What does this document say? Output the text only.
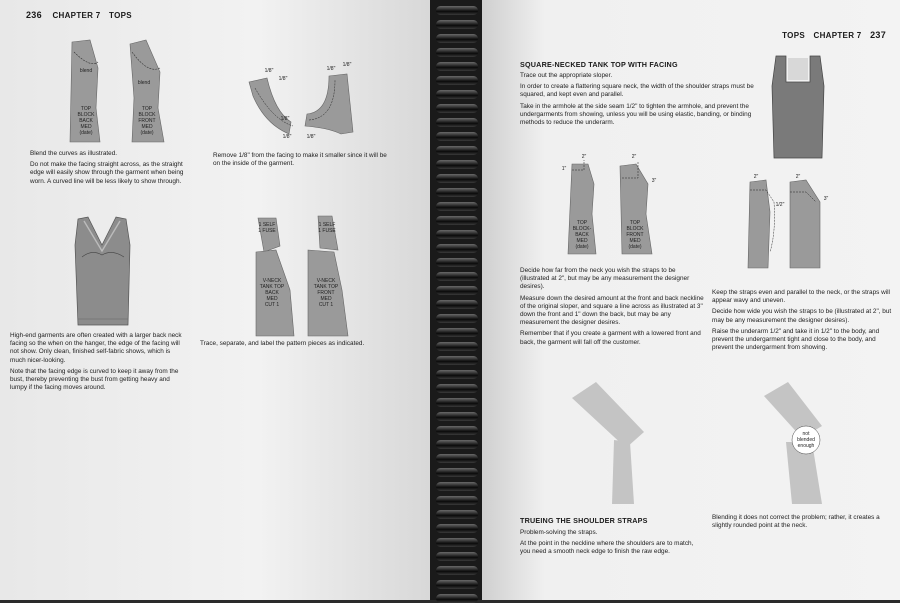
236 CHAPTER 7 TOPS
blend
blend
TOP
BLOCK
BACK
MED
(date)
TOP
BLOCK
FRONT
MED
(date)
1/8"
1/8"
1/8"
1/8"
1/8"
1/8"	1/8"

Blend the curves as illustrated.

Do not make the facing straight across, as the straight edge will easily show through the garment when being worn. A curved line will be less likely to show through.

Remove 1/8" from the facing to make it smaller since it will be on the inside of the garment.
1 SELF
1 FUSE
1 SELF
1 FUSE
V-NECK
TANK TOP
BACK
MED
CUT 1
V-NECK
TANK TOP
FRONT
MED
CUT 1

High-end garments are often created with a larger back neck facing so the when on the hanger, the edge of the facing will not show. Only clean, finished self-fabric shows, which is much nicer-looking.

Note that the facing edge is curved to keep it away from the bust, thereby preventing the bust from getting heavy and lumpy if the facing moves around.

Trace, separate, and label the pattern pieces as indicated.
TOPS CHAPTER 7 237
SQUARE-NECKED TANK TOP WITH FACING

Trace out the appropriate sloper.

In order to create a flattering square neck, the width of the shoulder straps must be squared, and kept even and parallel.

Take in the armhole at the side seam 1/2" to tighten the armhole, and prevent the undergarments from showing, unless you will be using elastic, banding, or binding methods to reduce the underarm.

1"
2"	2"
3"
TOP
BLOCK-
BACK
MED
(date)
TOP
BLOCK
FRONT
MED
(date)
2"	2"
1/2"
3"

Decide how far from the neck you wish the straps to be (illustrated at 2", but may be any measurement the designer desires).

Measure down the desired amount at the front and back neckline of the original sloper, and square a line across as illustrated at 3" down the front and 1" down the back, but may be any measurement the designer desires.

Remember that if you create a garment with a lowered front and back, the garment will fall off the customer.

Keep the straps even and parallel to the neck, or the straps will appear wavy and uneven.

Decide how wide you wish the straps to be (illustrated at 2", but may be any measurement the designer desires).

Raise the underarm 1/2" and take it in 1/2" to the body, and prevent the undergarment tight and close to the body, and prevent the undergarment from showing.

not
blended
enough
TRUEING THE SHOULDER STRAPS

Problem-solving the straps.

At the point in the neckline where the shoulders are to match, you need a smooth neck edge to finish the raw edge.

Blending it does not correct the problem; rather, it creates a slightly rounded point at the neck.
